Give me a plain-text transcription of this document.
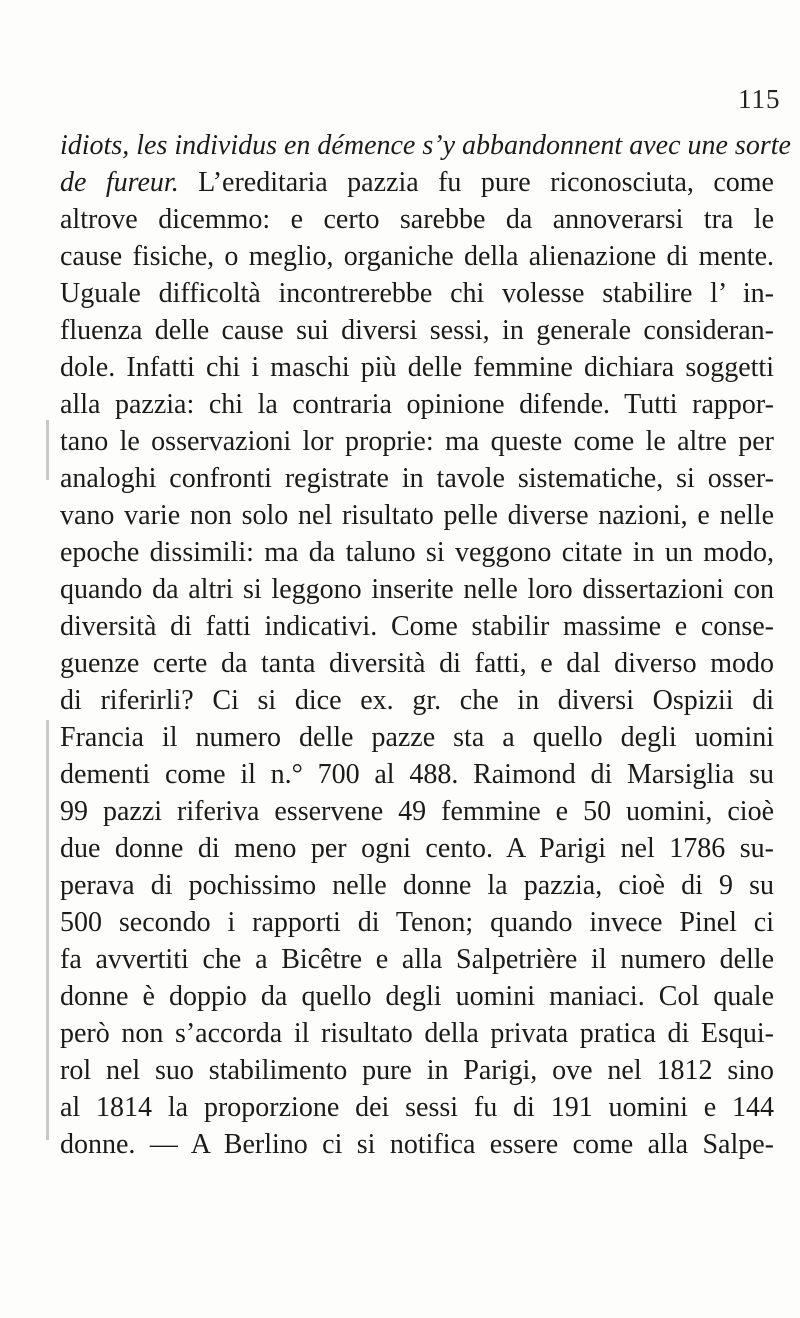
115
idiots, les individus en démence s’y abbandonnent avec une sorte
de fureur. L’ereditaria pazzia fu pure riconosciuta, come
altrove dicemmo: e certo sarebbe da annoverarsi tra le
cause fisiche, o meglio, organiche della alienazione di mente.
Uguale difficoltà incontrerebbe chi volesse stabilire l’ in-
fluenza delle cause sui diversi sessi, in generale consideran-
dole. Infatti chi i maschi più delle femmine dichiara soggetti
alla pazzia: chi la contraria opinione difende. Tutti rappor-
tano le osservazioni lor proprie: ma queste come le altre per
analoghi confronti registrate in tavole sistematiche, si osser-
vano varie non solo nel risultato pelle diverse nazioni, e nelle
epoche dissimili: ma da taluno si veggono citate in un modo,
quando da altri si leggono inserite nelle loro dissertazioni con
diversità di fatti indicativi. Come stabilir massime e conse-
guenze certe da tanta diversità di fatti, e dal diverso modo
di riferirli? Ci si dice ex. gr. che in diversi Ospizii di
Francia il numero delle pazze sta a quello degli uomini
dementi come il n.° 700 al 488. Raimond di Marsiglia su
99 pazzi riferiva esservene 49 femmine e 50 uomini, cioè
due donne di meno per ogni cento. A Parigi nel 1786 su-
perava di pochissimo nelle donne la pazzia, cioè di 9 su
500 secondo i rapporti di Tenon; quando invece Pinel ci
fa avvertiti che a Bicêtre e alla Salpetrière il numero delle
donne è doppio da quello degli uomini maniaci. Col quale
però non s’accorda il risultato della privata pratica di Esqui-
rol nel suo stabilimento pure in Parigi, ove nel 1812 sino
al 1814 la proporzione dei sessi fu di 191 uomini e 144
donne. — A Berlino ci si notifica essere come alla Salpe-
